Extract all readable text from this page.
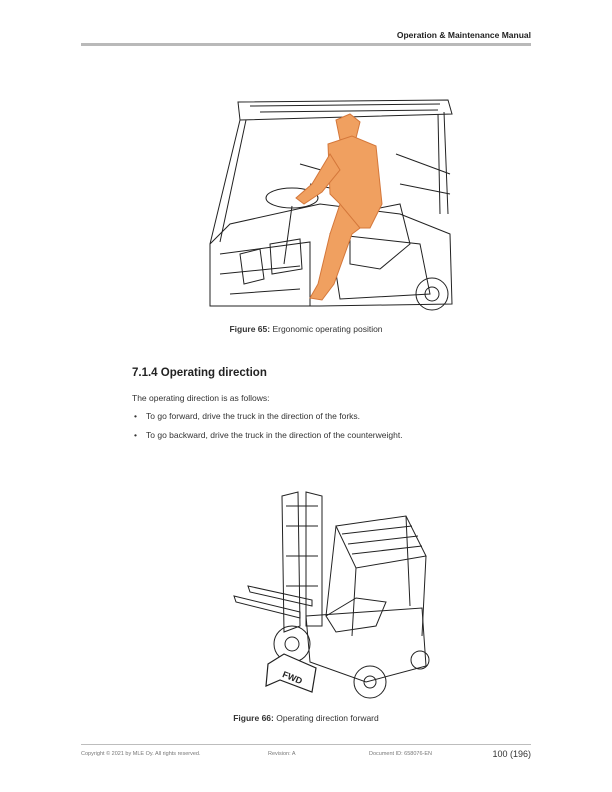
Operation & Maintenance Manual
Figure 65: Ergonomic operating position
7.1.4 Operating direction
The operating direction is as follows:
• To go forward, drive the truck in the direction of the forks.
• To go backward, drive the truck in the direction of the counterweight.
FWD
Figure 66: Operating direction forward
Copyright © 2021 by MLE Oy. All rights reserved.	Revision: A	Document ID: 658076-EN	100 (196)
